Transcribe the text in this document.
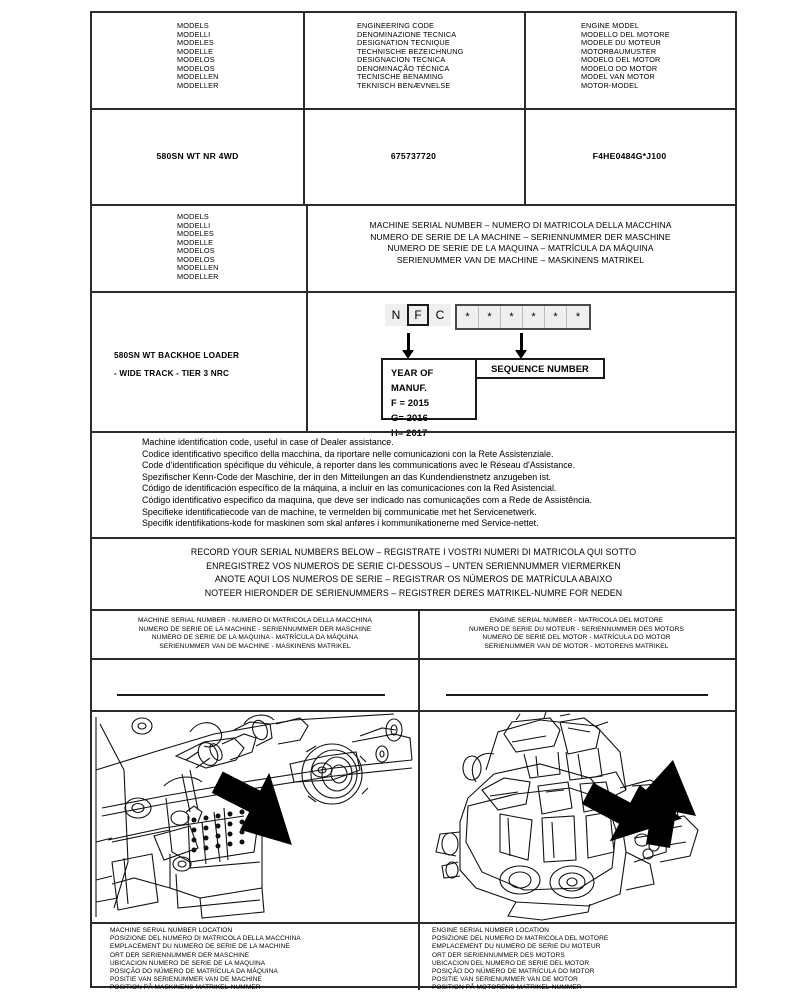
MODELS
MODELLI
MODELES
MODELLE
MODELOS
MODELOS
MODELLEN
MODELLER
ENGINEERING CODE
DENOMINAZIONE TECNICA
DESIGNATION TECNIQUE
TECHNISCHE BEZEICHNUNG
DESIGNACION TECNICA
DENOMINAÇÃO TÉCNICA
TECNISCHE BENAMING
TEKNISCH BENÆVNELSE
ENGINE MODEL
MODELLO DEL MOTORE
MODELE DU MOTEUR
MOTORBAUMUSTER
MODELO DEL MOTOR
MODELO DO MOTOR
MODEL VAN MOTOR
MOTOR-MODEL
580SN WT NR 4WD	675737720	F4HE0484G*J100
MODELS
MODELLI
MODELES
MODELLE
MODELOS
MODELOS
MODELLEN
MODELLER
MACHINE SERIAL NUMBER – NUMERO DI MATRICOLA DELLA MACCHINA
NUMERO DE SERIE DE LA MACHINE – SERIENNUMMER DER MASCHINE
NUMERO DE SERIE DE LA MAQUINA – MATRÍCULA DA MÁQUINA
SERIENUMMER VAN DE MACHINE – MASKINENS MATRIKEL
580SN WT BACKHOE LOADER
- WIDE TRACK - TIER 3 NRC
N	F	C	*	*	*	*	*	*
YEAR OF MANUF.
F = 2015
G= 2016
SEQUENCE NUMBER
Machine identification code, useful in case of Dealer assistance.
Codice identificativo specifico della macchina, da riportare nelle comunicazioni con la Rete Assistenziale.
Code d'identification spécifique du véhicule, à reporter dans les communications avec le Réseau d'Assistance.
Spezifischer Kenn-Code der Maschine, der in den Mitteilungen an das Kundendienstnetz anzugeben ist.
Código de identificación específico de la máquina, a incluir en las comunicaciones con la Red Asistencial.
Código identificativo especifico da maquina, que deve ser indicado nas comunicações com a Rede de Assistência.
Specifieke identificatiecode van de machine, te vermelden bij communicatie met het Servicenetwerk.
Specifik identifikations-kode for maskinen som skal anføres i kommunikationerne med Service-nettet.
RECORD YOUR SERIAL NUMBERS BELOW – REGISTRATE I VOSTRI NUMERI DI MATRICOLA QUI SOTTO
ENREGISTREZ VOS NUMEROS DE SERIE CI-DESSOUS – UNTEN SERIENNUMMER VIERMERKEN
ANOTE AQUI LOS NUMEROS DE SERIE – REGISTRAR OS NÚMEROS DE MATRÍCULA ABAIXO
NOTEER HIERONDER DE SERIENUMMERS – REGISTRER DERES MATRIKEL-NUMRE FOR NEDEN
MACHINE SERIAL NUMBER - NUMERO DI MATRICOLA DELLA MACCHINA
NUMERO DE SERIE DE LA MACHINE - SERIENNUMMER DER MASCHINE
NUMERO DE SERIE DE LA MAQUINA - MATRÍCULA DA MÁQUINA
SERIENUMMER VAN DE MACHINE - MASKINENS MATRIKEL
ENGINE SERIAL NUMBER - MATRICOLA DEL MOTORE
NUMERO DE SERIE DU MOTEUR - SERIENNUMMER DES MOTORS
NUMERO DE SERIE DEL MOTOR - MATRÍCULA DO MOTOR
SERIENUMMER VAN DE MOTOR - MOTORENS MATRIKEL
MACHINE SERIAL NUMBER LOCATION
POSIZIONE DEL NUMERO DI MATRICOLA DELLA MACCHINA
EMPLACEMENT DU NUMERO DE SERIE DE LA MACHINE
ORT DER SERIENNUMMER DER MASCHINE
UBICACION NUMERO DE SERIE DE LA MAQUINA
POSIÇÃO DO NÚMERO DE MATRÍCULA DA MÁQUINA
POSITIE VAN SERIENUMMER VAN DE MACHINE
POSITION PÅ MASKINENS MATRIKEL-NUMMER
ENGINE SERIAL NUMBER LOCATION
POSIZIONE DEL NUMERO DI MATRICOLA DEL MOTORE
EMPLACEMENT DU NUMERO DE SERIE DU MOTEUR
ORT DER SERIENNUMMER DES MOTORS
UBICACION DEL NUMERO DE SERIE DEL MOTOR
POSIÇÃO DO NÚMERO DE MATRÍCULA DO MOTOR
POSITIE VAN SERIENUMMER VAN DE MOTOR
POSITION PÅ MOTORENS MATRIKEL-NUMMER
